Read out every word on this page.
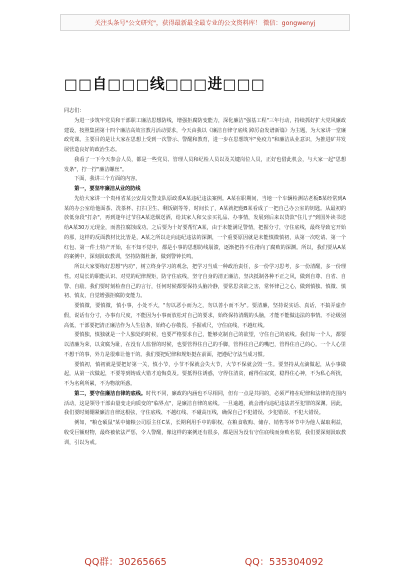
关注头条号"公文研究"，获得最新最全最专业的公文资料库！ 微信：gongwenyj
□□自□□□线□□□进□□□

同志们：

为进一步筑牢党员和干部职工廉洁思想防线，增强拒腐防变能力，深化廉洁"强基工程"三年行动，持续抓好扩大党风廉政建设，按照集团第十四个廉洁高效宣教月活动要求，今天由我以《廉洁自律守底线 踔厉奋发谱新篇》为主题，为大家讲一堂廉政党课。主要目的是让大家在思想上受到一次警示、警醒和教育，进一步在思想筑牢"免疫力"和廉洁从业意识，为推进矿井发展营造良好的政治生态。

我看了一下今天参会人员，都是一些党员、管理人员和纪检人员以及关键岗位人员，正好也借此机会，与大家一起"思想发条"，拧一拧"廉洁螺丝"。

下面，我讲三个方面的内容。

第一，要坚牢廉洁从业的防线

先给大家讲一个贵州省某公安局交警支队原政委A某违纪违法案例。A某在职期间，当地一个车辆检测站老板B某经常到A某的办公室给他面茶、洗茶杯、打扫卫生、剩饭刷等等，时间长了，A某就把他B某看成了一把自己办公室的钥匙。从最初的放低身段"打杂"，再到逢年过节往A某送烟送酒，给其家人和父亲买礼品、办事情，发展到后来以贷款"住儿子"到国外读书送给A某30万元现金，而善拉腐蚀成功。之后要为十好要帮忙A某，由于未能满足警情，把握分寸，守住底线，最终导致它开始的那，这样的反面教材比比皆是，A某之所以走向违纪违法的深渊，一个重要原因就是未能慎微慎初，从第一次吃请、第一个红包、第一件土特产开始，在不知不觉中，都是小事的思想防线崩溃，逐渐把持不住滑向了腐败的深渊。所以，我们要从A某的案例中，深刻汲取教训，坚持防微杜渐，做到警钟长鸣。

所以大家要练好思想"内功"，树立终身学习的观念，把学习当成一种政治责任，多一份学习思考，多一份清醒，多一份理性。对局长的职能认识、对党的纪律规矩，防守住底线，坚守自身的清正廉洁，坚决抵制各种不正之风，做到自尊、自省、自警、自励。我们要时刻检查自己的言行，任何时候都要保持头脑冷静，要常思贪欲之害，常怀律己之心，做到慎独、慎微、慎初、慎友，自觉增强拒腐防变能力。

要慎微，要慎微，慎小事，小处不大，"勿以恶小而为之，勿以善小而不为"。要清廉，坚持说实话、真话，不搞弄虚作假，说话有分寸，办事有尺度，不能因为小事而放松对自己的要求，始终保持清醒的头脑，才能不能做违法的事情。不论级别高低，干部要把清正廉洁作为人生信条，始终心存敬畏，手握戒尺，守住底线，不越红线。

要慎独，慎独就是一个人独处的时候，也要严格要求自己，能够克制自己的欲望，守住自己的底线。我们每一个人，都要以清廉为荣，以贪腐为耻，在没有人监督的时候，也要管得住自己的手脚，管得住自己的嘴巴，管得住自己的心。一个人心里不想干的事，外力是很难让他干的。我们要把纪律和规矩挺在前面，把遵纪守法当成习惯。

要慎初，慎初就是要把好第一关，慎小节，小节不保就会失大节，大节不保就会毁一生。要坚持从点滴做起，从小事做起，从第一次做起，不要等到铸成大错才追悔莫及。要抵得住诱惑，守得住清贫，耐得住寂寞，稳得住心神，不为私心所扰，不为名利所累，不为物欲所惑。

第二，要守住廉洁自律的底线。时代不同，廉政的内涵也不尽相同，但有一点是共同的，必须严格在纪律和法律的范围内活动，这是领导干部由量变走向质变的"临界点"，是廉洁自律的底线。一旦逾越，就会滑向违纪违法甚至犯罪的深渊。因此，我们要时刻绷紧廉洁自律这根弦，守住底线、不越红线、不碰高压线，确保自己不犯错误、少犯错误、不犯大错误。

例如，"粮仓硕鼠"某中储粮公司原主任C某，长期利用手中的职权，在粮食收购、储存、销售等环节中为他人谋取利益，收受巨额财物，最终被依法严惩，令人警醒，像这样的案例还有很多，都是因为没有守住底线而身败名裂，我们要深刻汲取教训，引以为戒。

QQ群：30265665	QQ：535304092
